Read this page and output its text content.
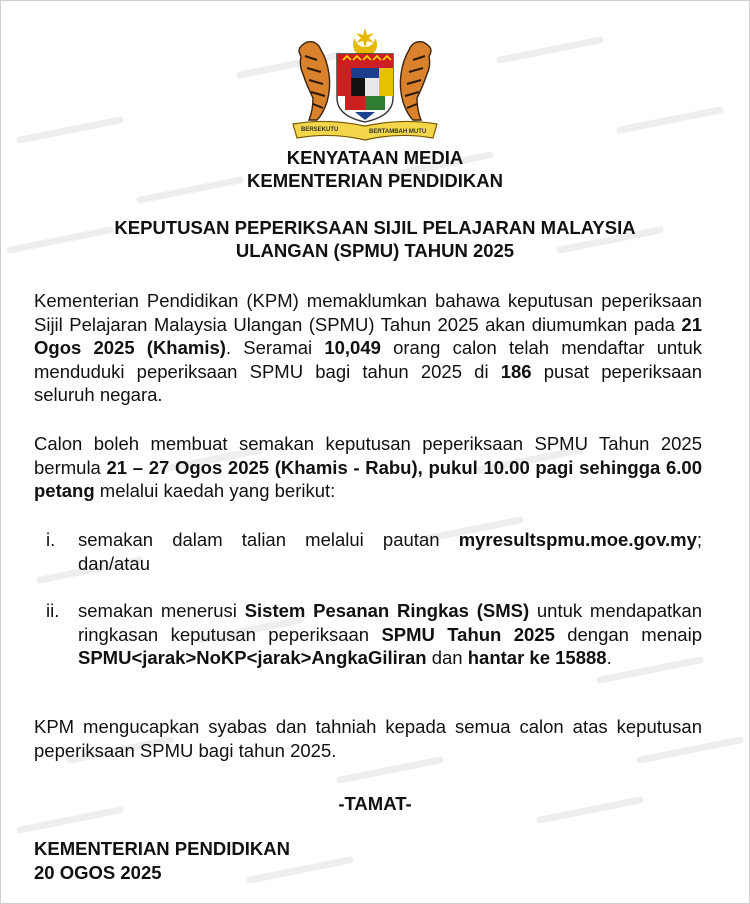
BERSEKUTU	BERTAMBAH MUTU
KENYATAAN MEDIA
KEMENTERIAN PENDIDIKAN
KEPUTUSAN PEPERIKSAAN SIJIL PELAJARAN MALAYSIA
ULANGAN (SPMU) TAHUN 2025

Kementerian Pendidikan (KPM) memaklumkan bahawa keputusan peperiksaan Sijil Pelajaran Malaysia Ulangan (SPMU) Tahun 2025 akan diumumkan pada 21 Ogos 2025 (Khamis). Seramai 10,049 orang calon telah mendaftar untuk menduduki peperiksaan SPMU bagi tahun 2025 di 186 pusat peperiksaan seluruh negara.

Calon boleh membuat semakan keputusan peperiksaan SPMU Tahun 2025 bermula 21 – 27 Ogos 2025 (Khamis - Rabu), pukul 10.00 pagi sehingga 6.00 petang melalui kaedah yang berikut:

i.	semakan dalam talian melalui pautan myresultspmu.moe.gov.my; dan/atau

ii.	semakan menerusi Sistem Pesanan Ringkas (SMS) untuk mendapatkan ringkasan keputusan peperiksaan SPMU Tahun 2025 dengan menaip SPMU<jarak>NoKP<jarak>AngkaGiliran dan hantar ke 15888.

KPM mengucapkan syabas dan tahniah kepada semua calon atas keputusan peperiksaan SPMU bagi tahun 2025.

-TAMAT-

KEMENTERIAN PENDIDIKAN
20 OGOS 2025
